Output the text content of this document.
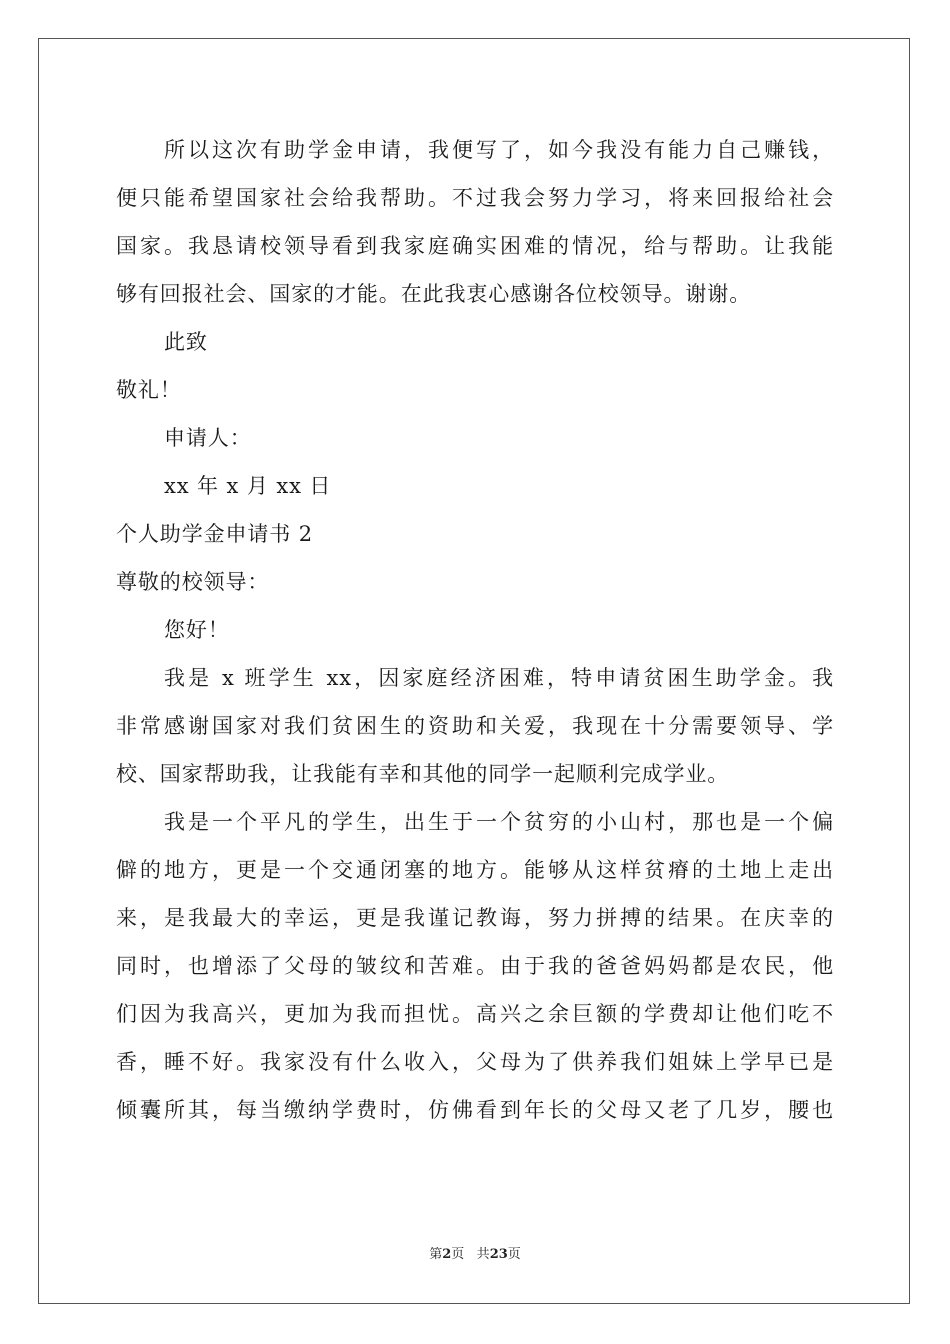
所以这次有助学金申请，我便写了，如今我没有能力自己赚钱，
便只能希望国家社会给我帮助。不过我会努力学习，将来回报给社会
国家。我恳请校领导看到我家庭确实困难的情况，给与帮助。让我能
够有回报社会、国家的才能。在此我衷心感谢各位校领导。谢谢。
此致
敬礼！
申请人：
xx 年 x 月 xx 日
个人助学金申请书 2
尊敬的校领导：
您好！
我是 x 班学生 xx，因家庭经济困难，特申请贫困生助学金。我
非常感谢国家对我们贫困生的资助和关爱，我现在十分需要领导、学
校、国家帮助我，让我能有幸和其他的同学一起顺利完成学业。
我是一个平凡的学生，出生于一个贫穷的小山村，那也是一个偏
僻的地方，更是一个交通闭塞的地方。能够从这样贫瘠的土地上走出
来，是我最大的幸运，更是我谨记教诲，努力拼搏的结果。在庆幸的
同时，也增添了父母的皱纹和苦难。由于我的爸爸妈妈都是农民，他
们因为我高兴，更加为我而担忧。高兴之余巨额的学费却让他们吃不
香，睡不好。我家没有什么收入，父母为了供养我们姐妹上学早已是
倾囊所其，每当缴纳学费时，仿佛看到年长的父母又老了几岁，腰也
第2页 共23页
